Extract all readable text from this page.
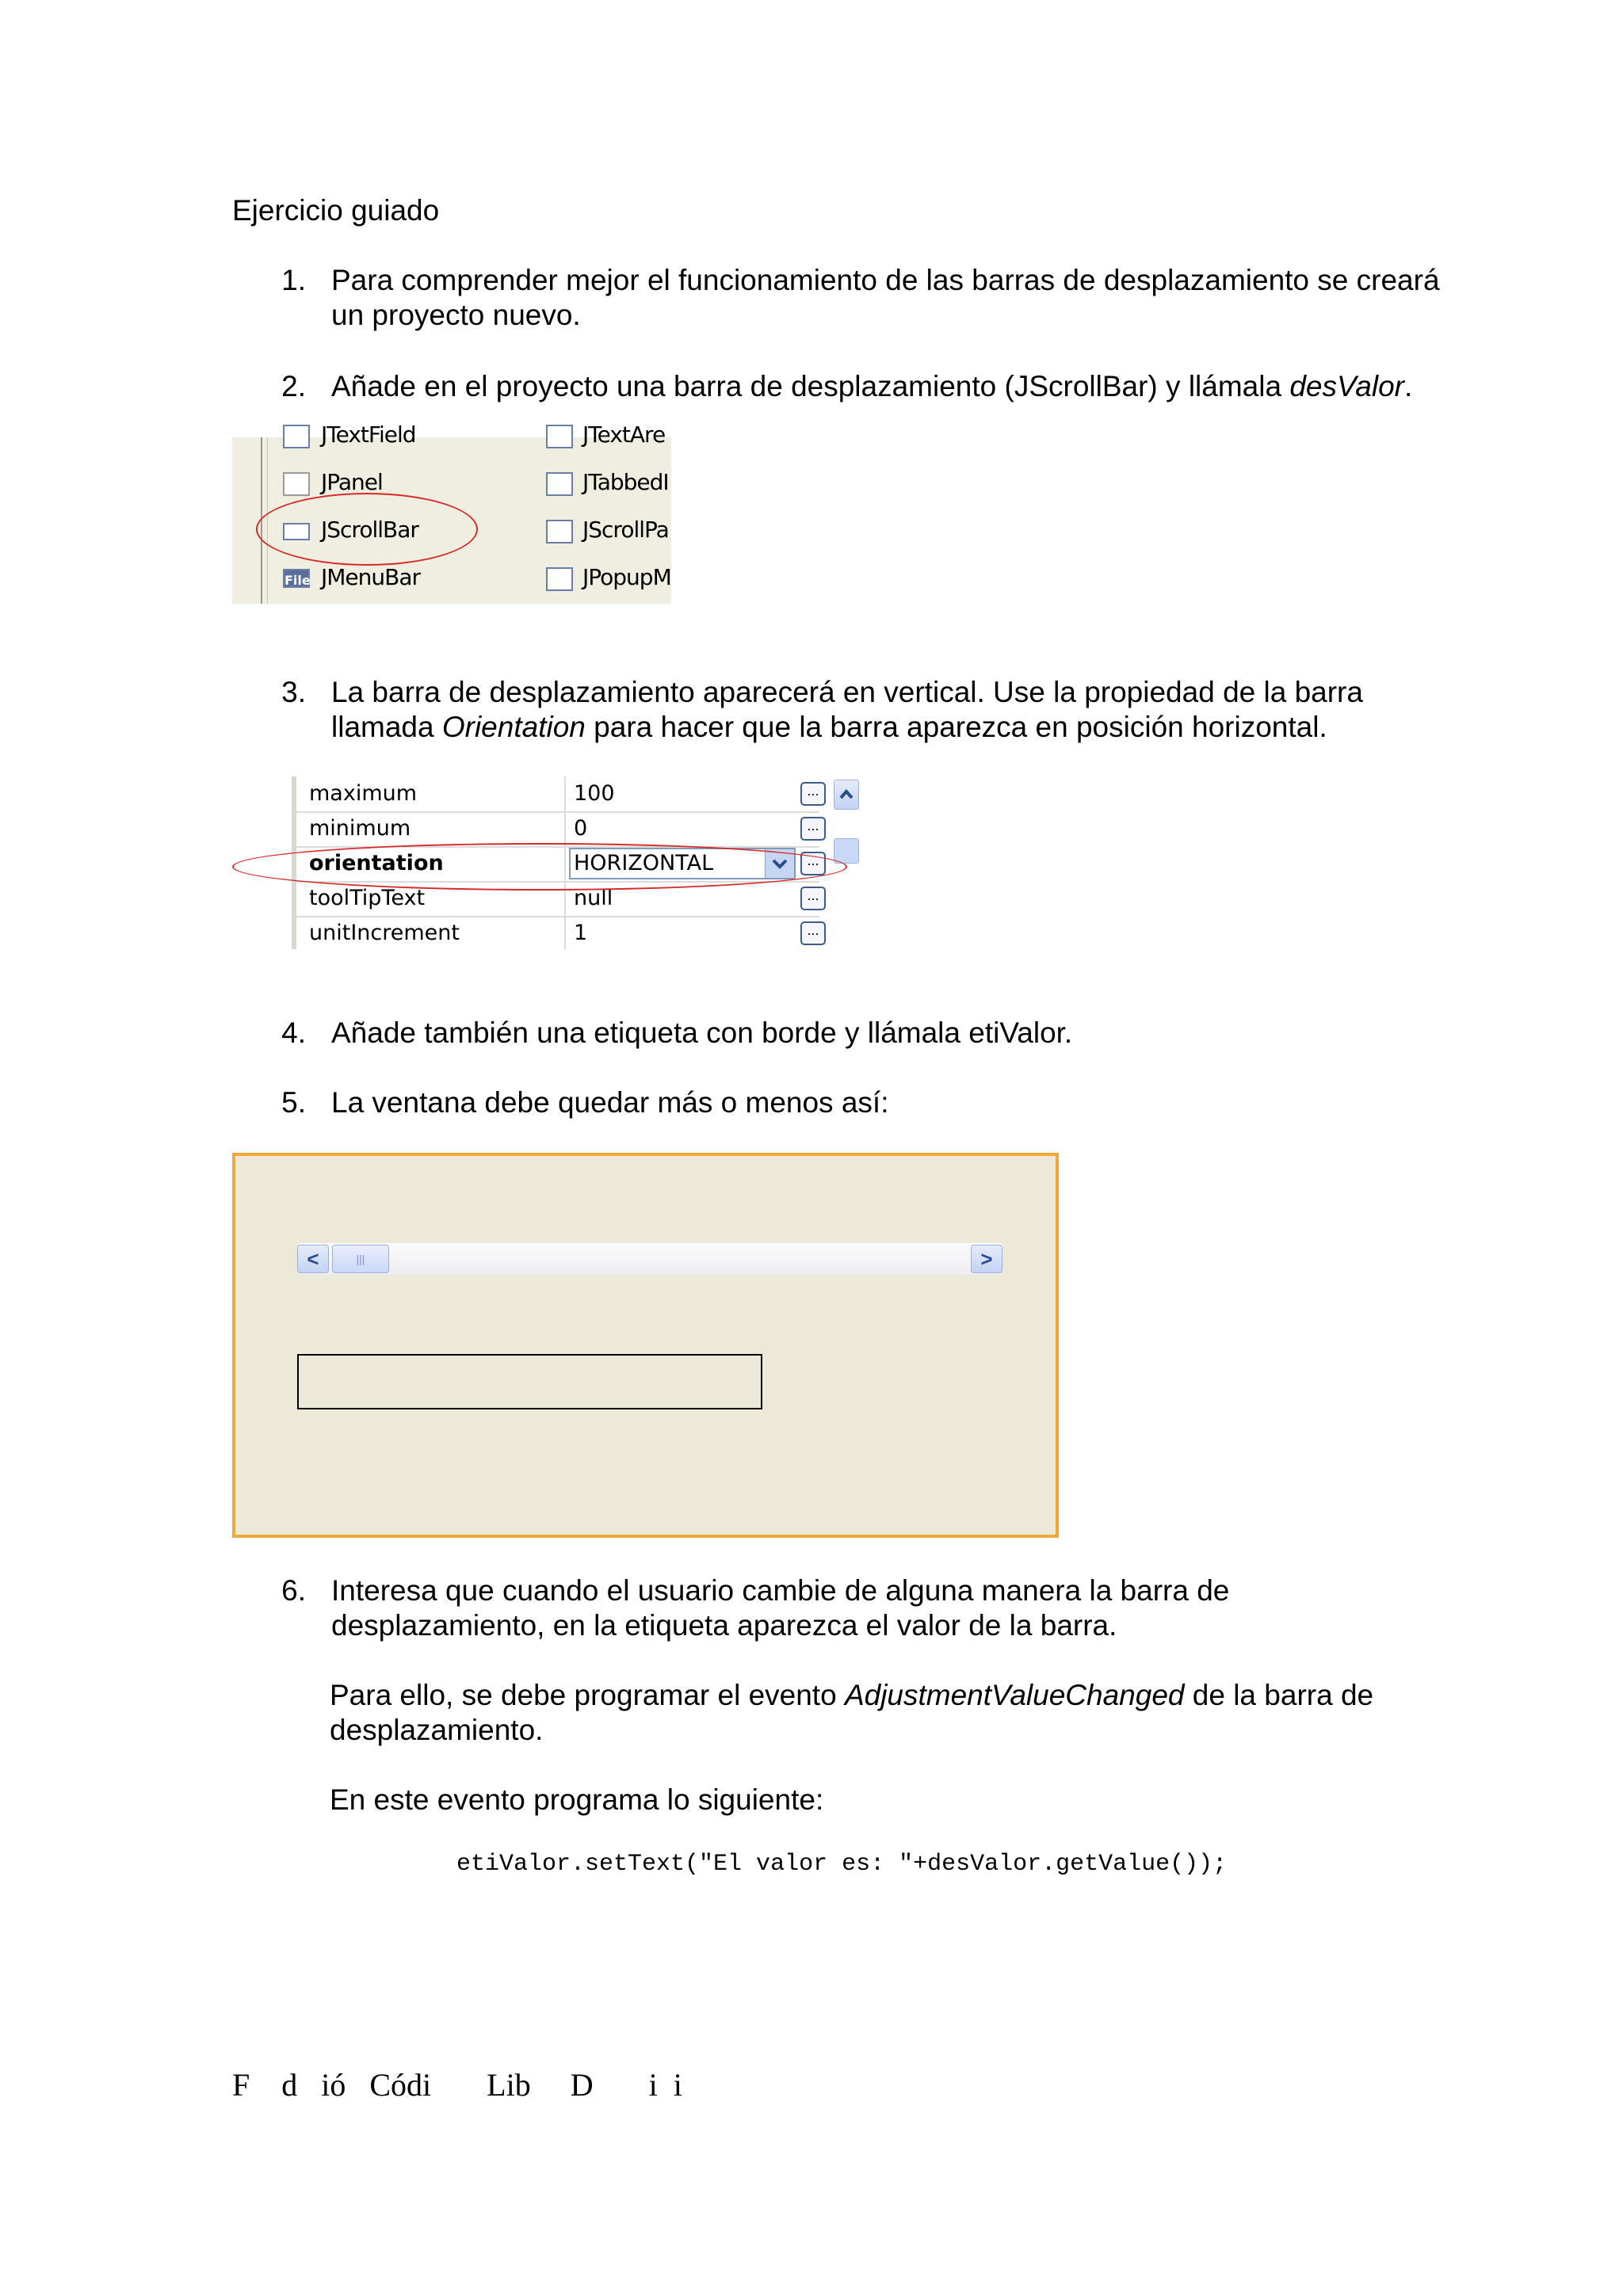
Ejercicio guiado
1. Para comprender mejor el funcionamiento de las barras de desplazamiento se creará
un proyecto nuevo.
2. Añade en el proyecto una barra de desplazamiento (JScrollBar) y llámala desValor.
JTextField	JTextAre
JPanel	JTabbedI
JScrollBar	JScrollPa
File JMenuBar	JPopupM
3. La barra de desplazamiento aparecerá en vertical. Use la propiedad de la barra
llamada Orientation para hacer que la barra aparezca en posición horizontal.
maximum	100	...
minimum	0	...
orientation	HORIZONTAL	...
toolTipText	null	...
unitIncrement	1	...
4. Añade también una etiqueta con borde y llámala etiValor.
5. La ventana debe quedar más o menos así:
<	|||	>
6. Interesa que cuando el usuario cambie de alguna manera la barra de
desplazamiento, en la etiqueta aparezca el valor de la barra.
Para ello, se debe programar el evento AdjustmentValueChanged de la barra de
desplazamiento.
En este evento programa lo siguiente:
etiValor.setText("El valor es: "+desValor.getValue());
F    d   ió   Códi       Lib     D       i  i
